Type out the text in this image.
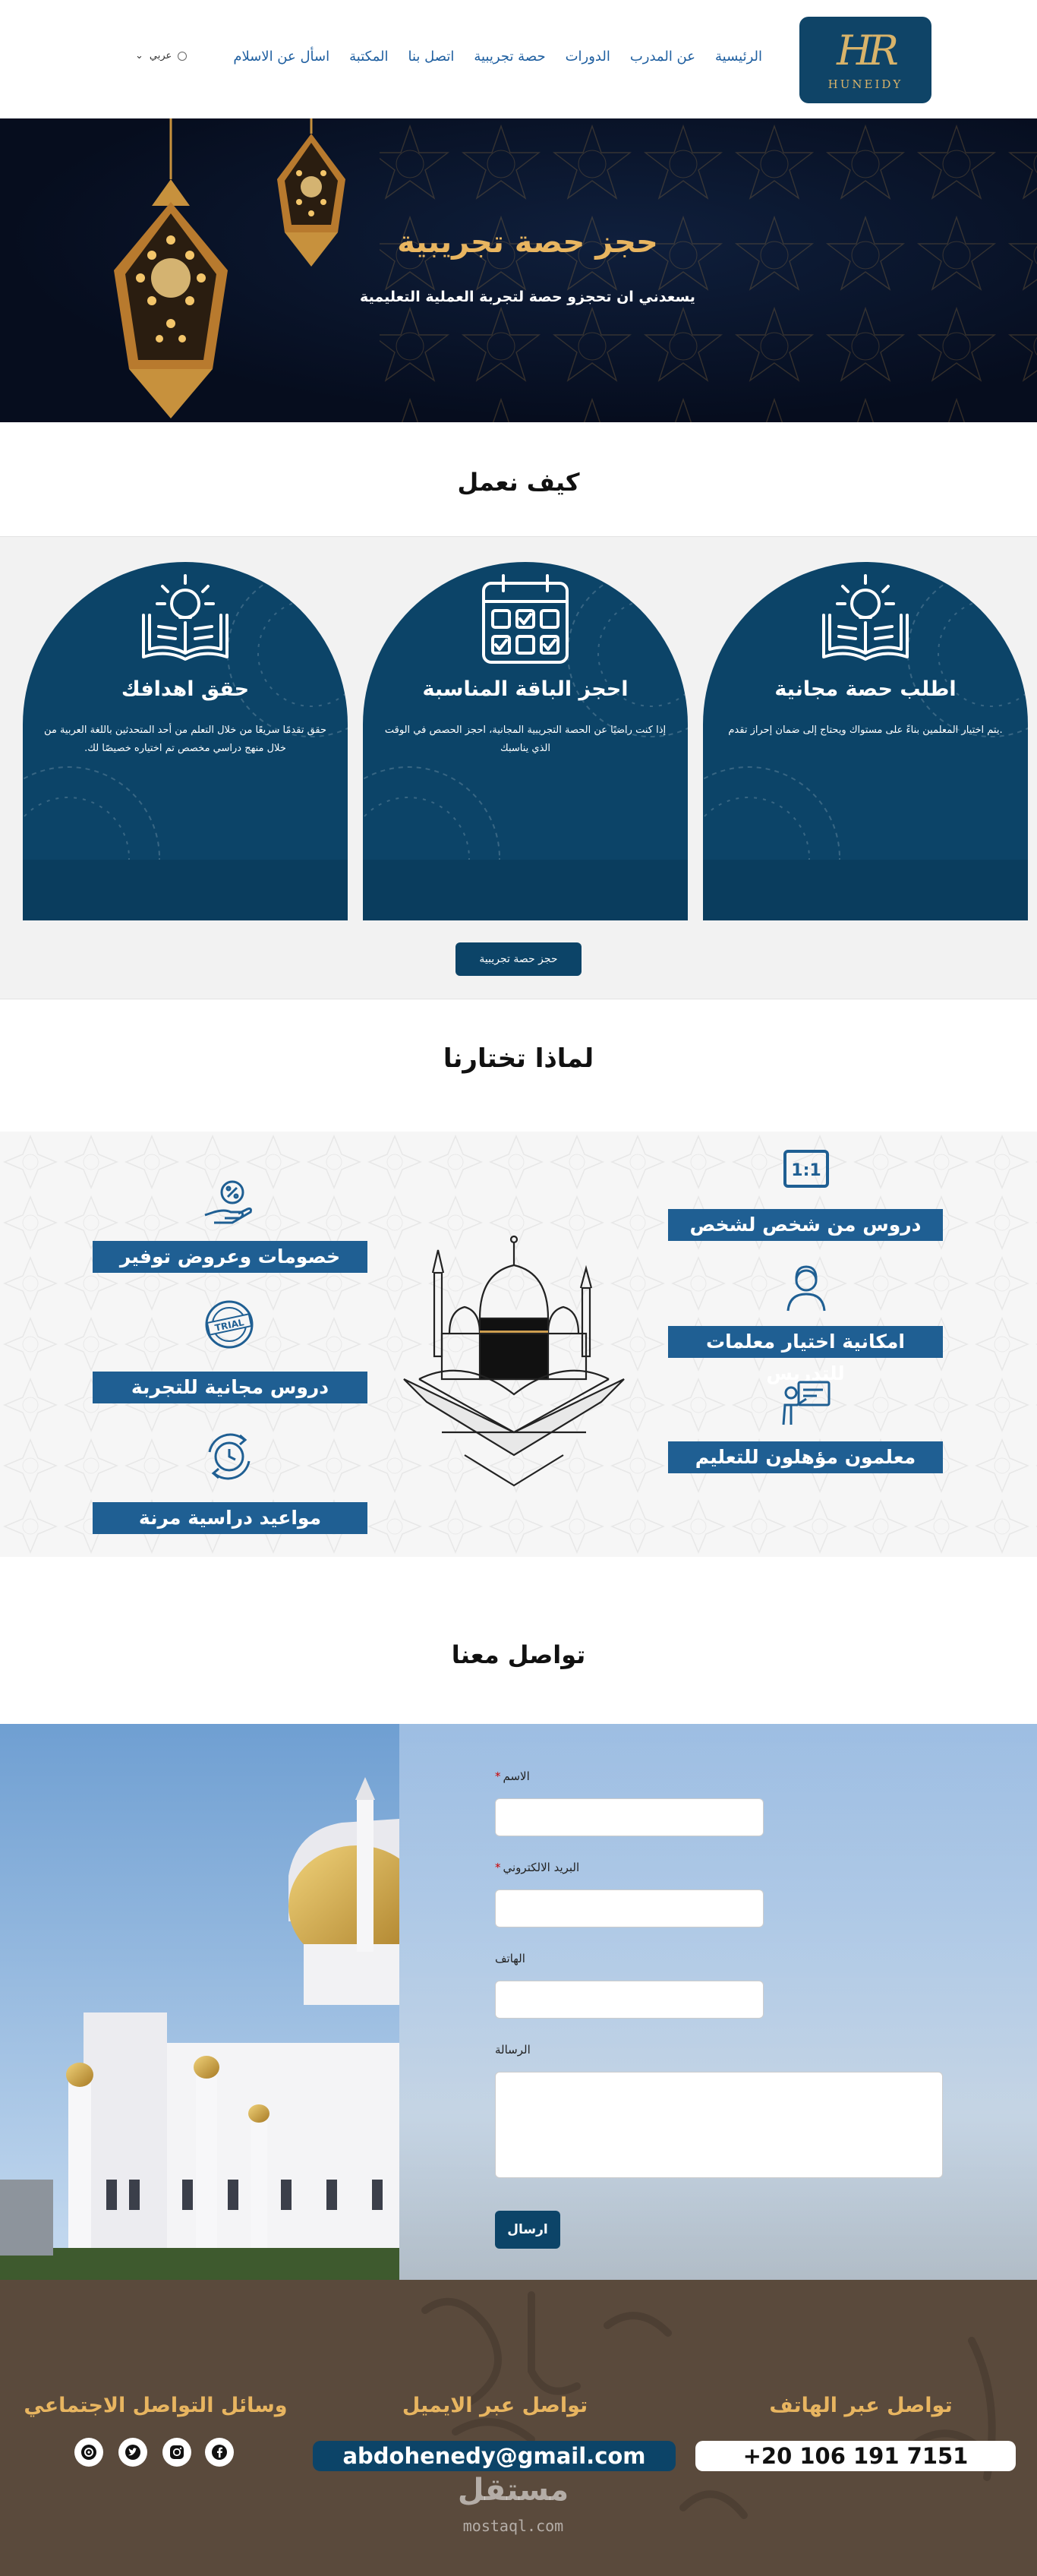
HR
HUNEIDY
الرئيسية
عن المدرب
الدورات
حصة تجريبية
اتصل بنا
المكتبة
اسأل عن الاسلام
⌄ عربي
حجز حصة تجريبية
يسعدني ان تحجزو حصة لتجربة العملية التعليمية
كيف نعمل
اطلب حصة مجانية
.يتم اختيار المعلمين بناءً على مستواك ويحتاج إلى ضمان إحراز تقدم
احجز الباقة المناسبة
إذا كنت راضيًا عن الحصة التجريبية المجانية، احجز الحصص في الوقت الذي يناسبك
حقق اهدافك
حقق تقدمًا سريعًا من خلال التعلم من أحد المتحدثين باللغة العربية من خلال منهج دراسي مخصص تم اختياره خصيصًا لك.
حجز حصة تجريبية
لماذا تختارنا
1:1
دروس من شخص لشخص
امكانية اختيار معلمات للتدريس
معلمون مؤهلون للتعليم
خصومات وعروض توفير
TRIAL
دروس مجانية للتجربة
مواعيد دراسية مرنة
تواصل معنا
* الاسم
* البريد الالكتروني
الهاتف
الرسالة
ارسال
تواصل عبر الهاتف
+20 106 191 7151
تواصل عبر الايميل
abdohenedy@gmail.com
وسائل التواصل الاجتماعي
مستقل
mostaql.com
